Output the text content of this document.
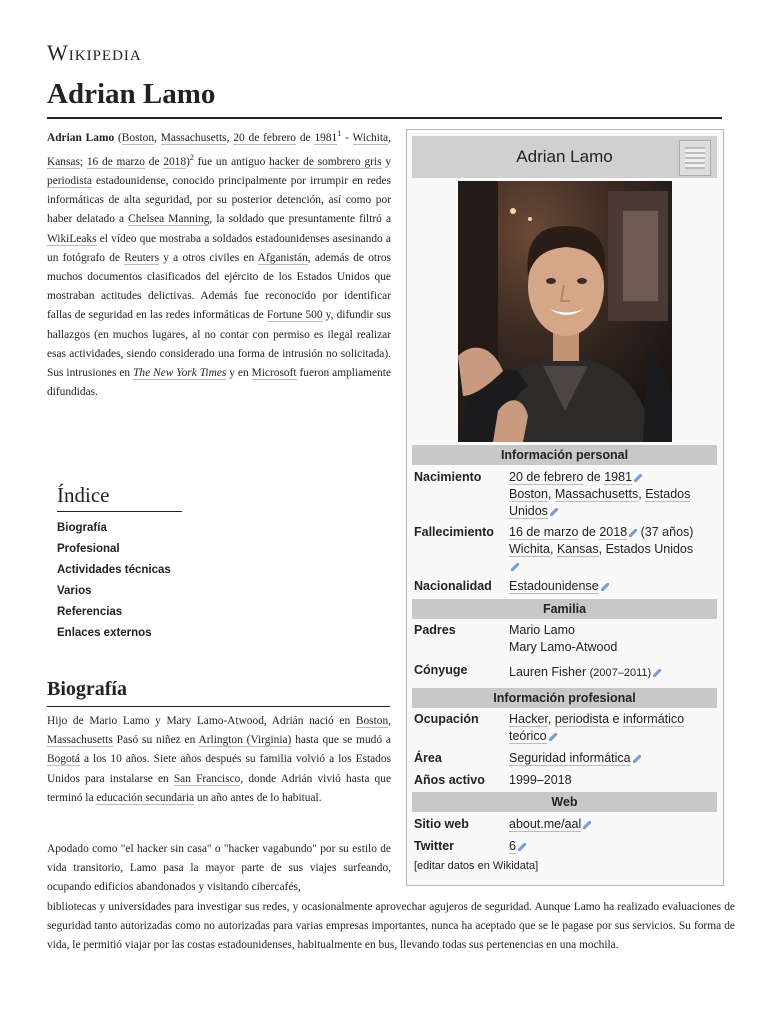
Wikipedia
Adrian Lamo

Adrian Lamo (Boston, Massachusetts, 20 de febrero de 1981$^1$ - Wichita, Kansas; 16 de marzo de 2018)$^2$ fue un antiguo hacker de sombrero gris y periodista estadounidense, conocido principalmente por irrumpir en redes informáticas de alta seguridad, por su posterior detención, así como por haber delatado a Chelsea Manning, la soldado que presuntamente filtró a WikiLeaks el vídeo que mostraba a soldados estadounidenses asesinando a un fotógrafo de Reuters y a otros civiles en Afganistán, además de otros muchos documentos clasificados del ejército de los Estados Unidos que mostraban actitudes delictivas. Además fue reconocido por identificar fallas de seguridad en las redes informáticas de Fortune 500 y, difundir sus hallazgos (en muchos lugares, al no contar con permiso es ilegal realizar esas actividades, siendo considerado una forma de intrusión no solicitada). Sus intrusiones en The New York Times y en Microsoft fueron ampliamente difundidas.

Índice
Biografía
Profesional
Actividades técnicas
Varios
Referencias
Enlaces externos
Biografía

Hijo de Mario Lamo y Mary Lamo-Atwood, Adrián nació en Boston, Massachusetts Pasó su niñez en Arlington (Virginia) hasta que se mudó a Bogotá a los 10 años. Siete años después su familia volvió a los Estados Unidos para instalarse en San Francisco, donde Adrián vivió hasta que terminó la educación secundaria un año antes de lo habitual.

Apodado como "el hacker sin casa" o "hacker vagabundo" por su estilo de vida transitorio, Lamo pasa la mayor parte de sus viajes surfeando, ocupando edificios abandonados y visitando cibercafés,

bibliotecas y universidades para investigar sus redes, y ocasionalmente aprovechar agujeros de seguridad. Aunque Lamo ha realizado evaluaciones de seguridad tanto autorizadas como no autorizadas para varias empresas importantes, nunca ha aceptado que se le pagase por sus servicios. Su forma de vida, le permitió viajar por las costas estadounidenses, habitualmente en bus, llevando todas sus pertenencias en una mochila.

Adrian Lamo
Información personal
Nacimiento	20 de febrero de 1981
Boston, Massachusetts, Estados Unidos
Fallecimiento	16 de marzo de 2018 (37 años)
Wichita, Kansas, Estados Unidos

Nacionalidad	Estadounidense
Familia
Padres	Mario Lamo
Mary Lamo-Atwood
Cónyuge	Lauren Fisher (2007–2011)
Información profesional
Ocupación	Hacker, periodista e informático teórico
Área	Seguridad informática
Años activo	1999–2018
Web
Sitio web	about.me/aal
Twitter	6
[editar datos en Wikidata]
